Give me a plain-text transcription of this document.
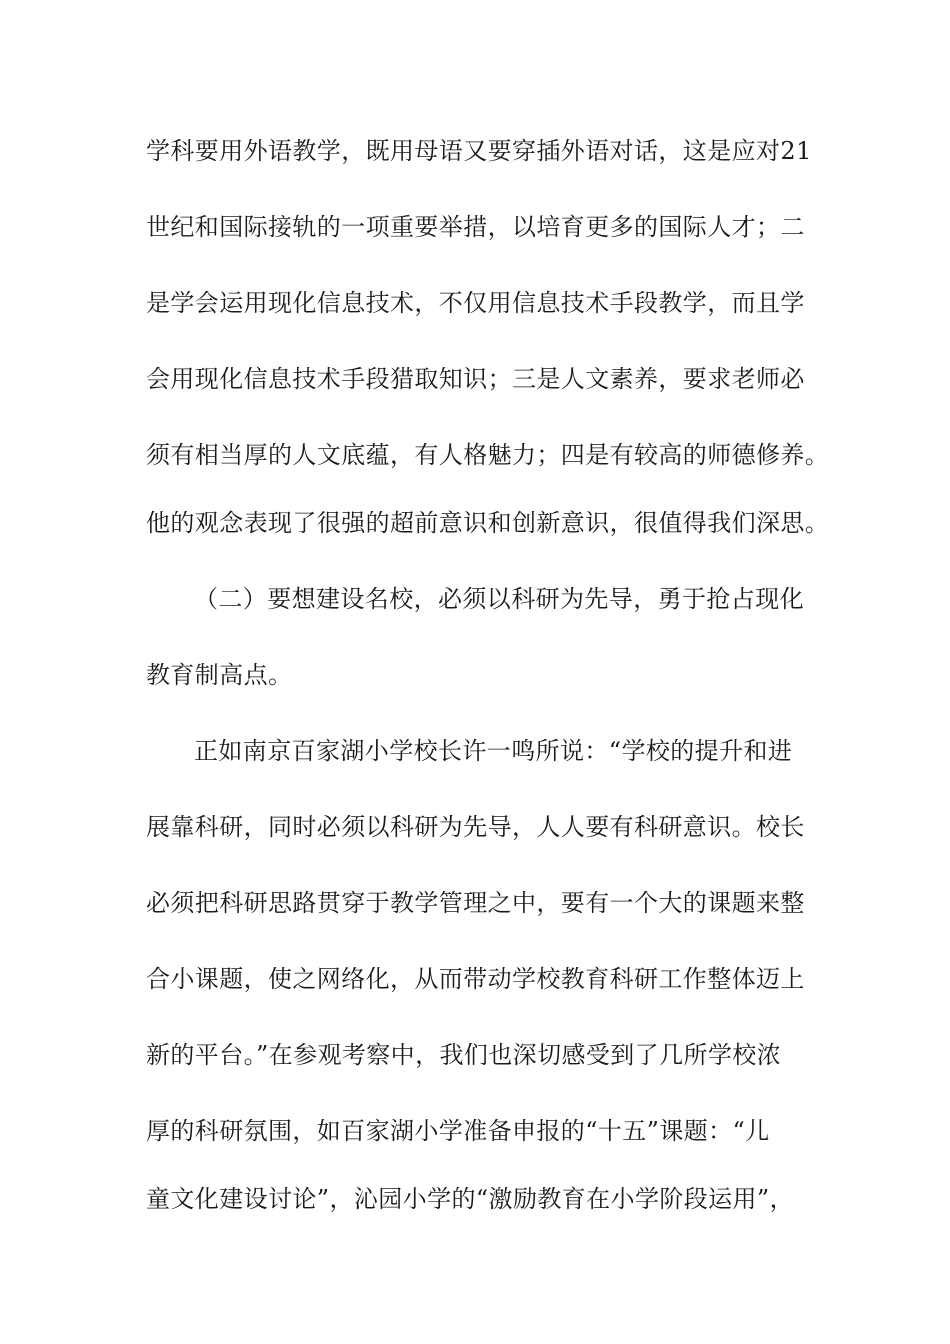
学科要用外语教学，既用母语又要穿插外语对话，这是应对21
世纪和国际接轨的一项重要举措，以培育更多的国际人才；二
是学会运用现化信息技术，不仅用信息技术手段教学，而且学
会用现化信息技术手段猎取知识；三是人文素养，要求老师必
须有相当厚的人文底蕴，有人格魅力；四是有较高的师德修养。
他的观念表现了很强的超前意识和创新意识，很值得我们深思。
（二）要想建设名校，必须以科研为先导，勇于抢占现化
教育制高点。
正如南京百家湖小学校长许一鸣所说：“学校的提升和进
展靠科研，同时必须以科研为先导，人人要有科研意识。校长
必须把科研思路贯穿于教学管理之中，要有一个大的课题来整
合小课题，使之网络化，从而带动学校教育科研工作整体迈上
新的平台。”在参观考察中，我们也深切感受到了几所学校浓
厚的科研氛围，如百家湖小学准备申报的“十五”课题：“儿
童文化建设讨论”，沁园小学的“激励教育在小学阶段运用”，
